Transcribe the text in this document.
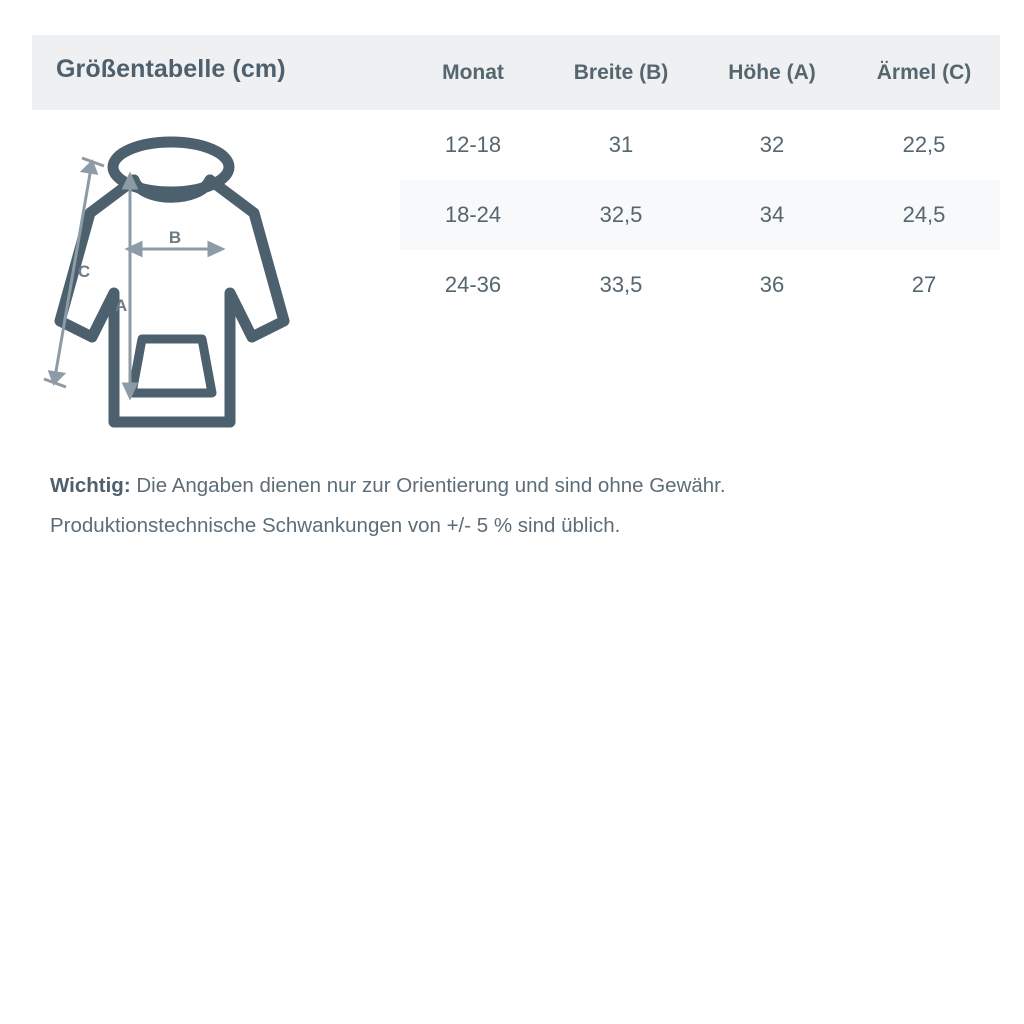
Größentabelle (cm)
A
B
C
Monat	Breite (B)	Höhe (A)	Ärmel (C)
12-18	31	32	22,5
18-24	32,5	34	24,5
24-36	33,5	36	27
Wichtig: Die Angaben dienen nur zur Orientierung und sind ohne Gewähr.
Produktionstechnische Schwankungen von +/- 5 % sind üblich.
